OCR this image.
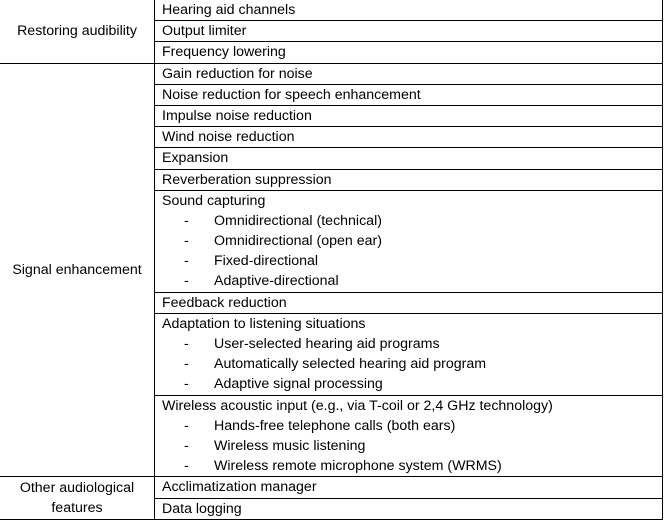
Restoring audibility	Hearing aid channels

	Output limiter

	Frequency lowering

Signal enhancement	Gain reduction for noise

	Noise reduction for speech enhancement

	Impulse noise reduction

	Wind noise reduction

	Expansion

	Reverberation suppression

	Sound capturing
- Omnidirectional (technical)
- Omnidirectional (open ear)
- Fixed-directional
- Adaptive-directional

	Feedback reduction

	Adaptation to listening situations
- User-selected hearing aid programs
- Automatically selected hearing aid program
- Adaptive signal processing

	Wireless acoustic input (e.g., via T-coil or 2,4 GHz technology)
- Hands-free telephone calls (both ears)
- Wireless music listening
- Wireless remote microphone system (WRMS)

Other audiological
features	Acclimatization manager

	Data logging
